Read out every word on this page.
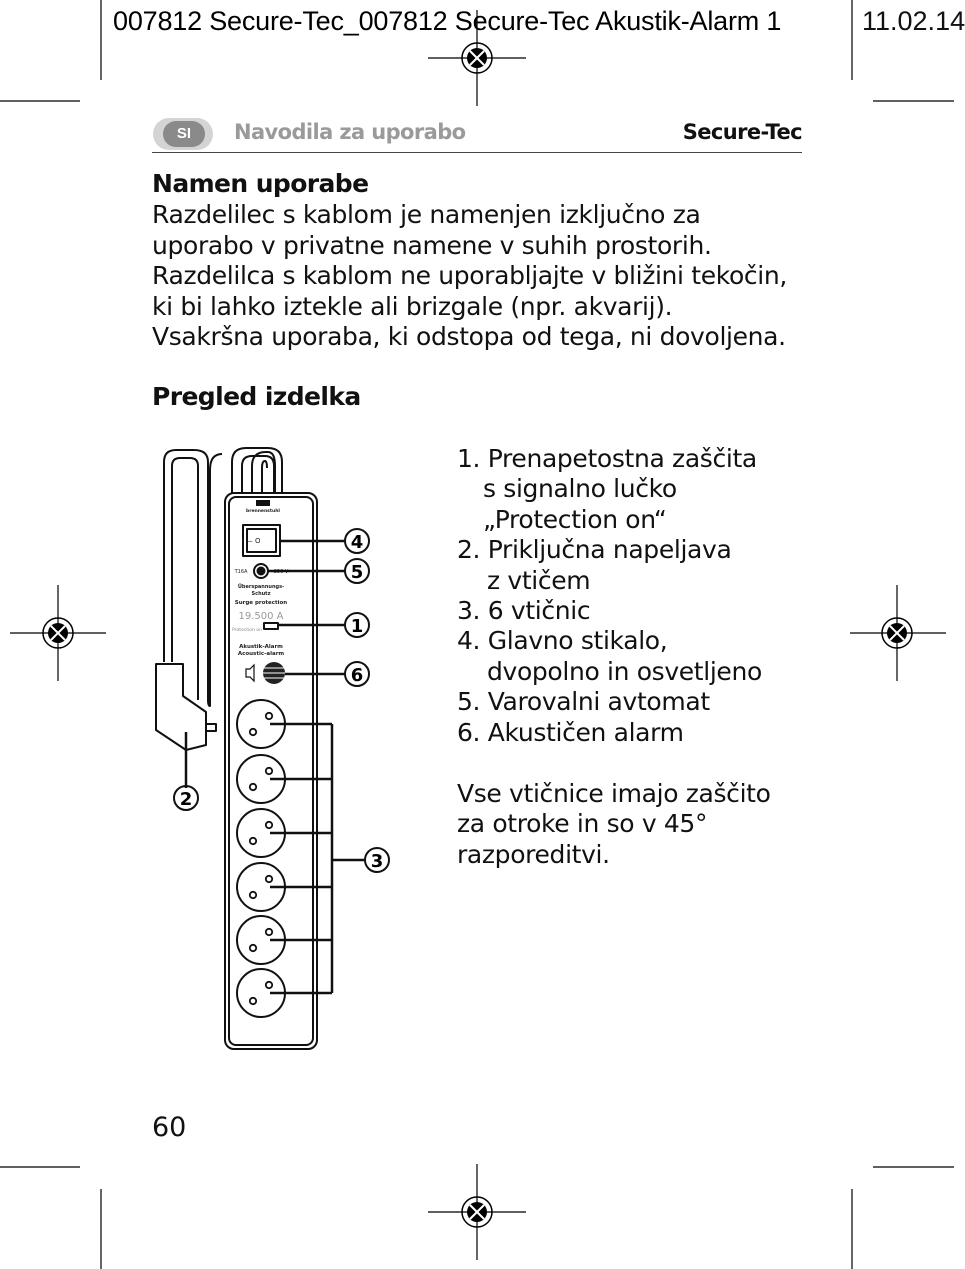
007812 Secure-Tec_007812 Secure-Tec Akustik-Alarm 1	11.02.14
SI	Navodila za uporabo	Secure-Tec
Namen uporabe
Razdelilec s kablom je namenjen izključno za
uporabo v privatne namene v suhih prostorih.
Razdelilca s kablom ne uporabljajte v bližini tekočin,
ki bi lahko iztekle ali brizgale (npr. akvarij).
Vsakršna uporaba, ki odstopa od tega, ni dovoljena.
Pregled izdelka
1. Prenapetostna zaščita
s signalno lučko
„Protection on“
2. Priključna napeljava
z vtičem
3. 6 vtičnic
4. Glavno stikalo,
dvopolno in osvetljeno
5. Varovalni avtomat
6. Akustičen alarm
Vse vtičnice imajo zaščito
za otroke in so v 45°
razporeditvi.
brennenstuhl
I — O
T16A	250 V
Überspannungs-
Schutz
Surge protection
19.500 A
Protection on
Akustik-Alarm
Acoustic-alarm
4
5
1
6
2
3
60
